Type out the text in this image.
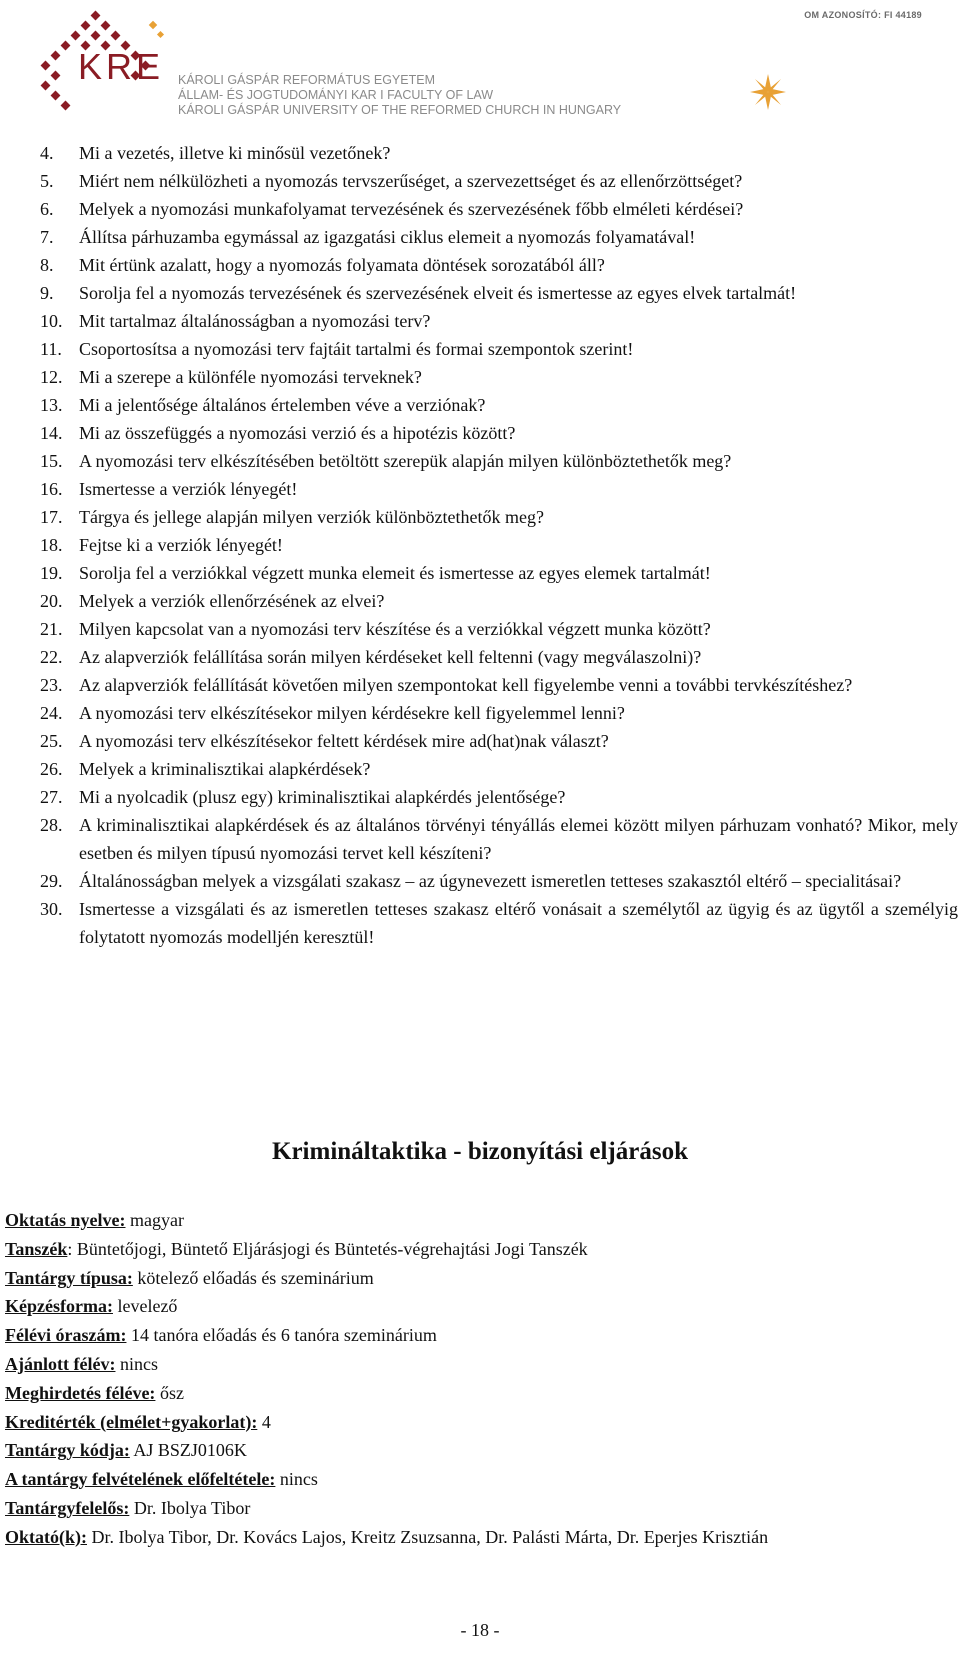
KRE KÁROLI GÁSPÁR REFORMÁTUS EGYETEM
ÁLLAM- ÉS JOGTUDOMÁNYI KAR I FACULTY OF LAW
KÁROLI GÁSPÁR UNIVERSITY OF THE REFORMED CHURCH IN HUNGARY
OM AZONOSÍTÓ: FI 44189
4. Mi a vezetés, illetve ki minősül vezetőnek?
5. Miért nem nélkülözheti a nyomozás tervszerűséget, a szervezettséget és az ellenőrzöttséget?
6. Melyek a nyomozási munkafolyamat tervezésének és szervezésének főbb elméleti kérdései?
7. Állítsa párhuzamba egymással az igazgatási ciklus elemeit a nyomozás folyamatával!
8. Mit értünk azalatt, hogy a nyomozás folyamata döntések sorozatából áll?
9. Sorolja fel a nyomozás tervezésének és szervezésének elveit és ismertesse az egyes elvek tartalmát!
10. Mit tartalmaz általánosságban a nyomozási terv?
11. Csoportosítsa a nyomozási terv fajtáit tartalmi és formai szempontok szerint!
12. Mi a szerepe a különféle nyomozási terveknek?
13. Mi a jelentősége általános értelemben véve a verziónak?
14. Mi az összefüggés a nyomozási verzió és a hipotézis között?
15. A nyomozási terv elkészítésében betöltött szerepük alapján milyen különböztethetők meg?
16. Ismertesse a verziók lényegét!
17. Tárgya és jellege alapján milyen verziók különböztethetők meg?
18. Fejtse ki a verziók lényegét!
19. Sorolja fel a verziókkal végzett munka elemeit és ismertesse az egyes elemek tartalmát!
20. Melyek a verziók ellenőrzésének az elvei?
21. Milyen kapcsolat van a nyomozási terv készítése és a verziókkal végzett munka között?
22. Az alapverziók felállítása során milyen kérdéseket kell feltenni (vagy megválaszolni)?
23. Az alapverziók felállítását követően milyen szempontokat kell figyelembe venni a további tervkészítéshez?
24. A nyomozási terv elkészítésekor milyen kérdésekre kell figyelemmel lenni?
25. A nyomozási terv elkészítésekor feltett kérdések mire ad(hat)nak választ?
26. Melyek a kriminalisztikai alapkérdések?
27. Mi a nyolcadik (plusz egy) kriminalisztikai alapkérdés jelentősége?
28. A kriminalisztikai alapkérdések és az általános törvényi tényállás elemei között milyen párhuzam vonható? Mikor, mely esetben és milyen típusú nyomozási tervet kell készíteni?
29. Általánosságban melyek a vizsgálati szakasz – az úgynevezett ismeretlen tetteses szakasztól eltérő – specialitásai?
30. Ismertesse a vizsgálati és az ismeretlen tetteses szakasz eltérő vonásait a személytől az ügyig és az ügytől a személyig folytatott nyomozás modelljén keresztül!
Krimináltaktika - bizonyítási eljárások
Oktatás nyelve: magyar
Tanszék: Büntetőjogi, Büntető Eljárásjogi és Büntetés-végrehajtási Jogi Tanszék
Tantárgy típusa: kötelező előadás és szeminárium
Képzésforma: levelező
Félévi óraszám: 14 tanóra előadás és 6 tanóra szeminárium
Ajánlott félév: nincs
Meghirdetés féléve: ősz
Kreditérték (elmélet+gyakorlat): 4
Tantárgy kódja: AJ BSZJ0106K
A tantárgy felvételének előfeltétele: nincs
Tantárgyfelelős: Dr. Ibolya Tibor
Oktató(k): Dr. Ibolya Tibor, Dr. Kovács Lajos, Kreitz Zsuzsanna, Dr. Palásti Márta, Dr. Eperjes Krisztián
- 18 -
